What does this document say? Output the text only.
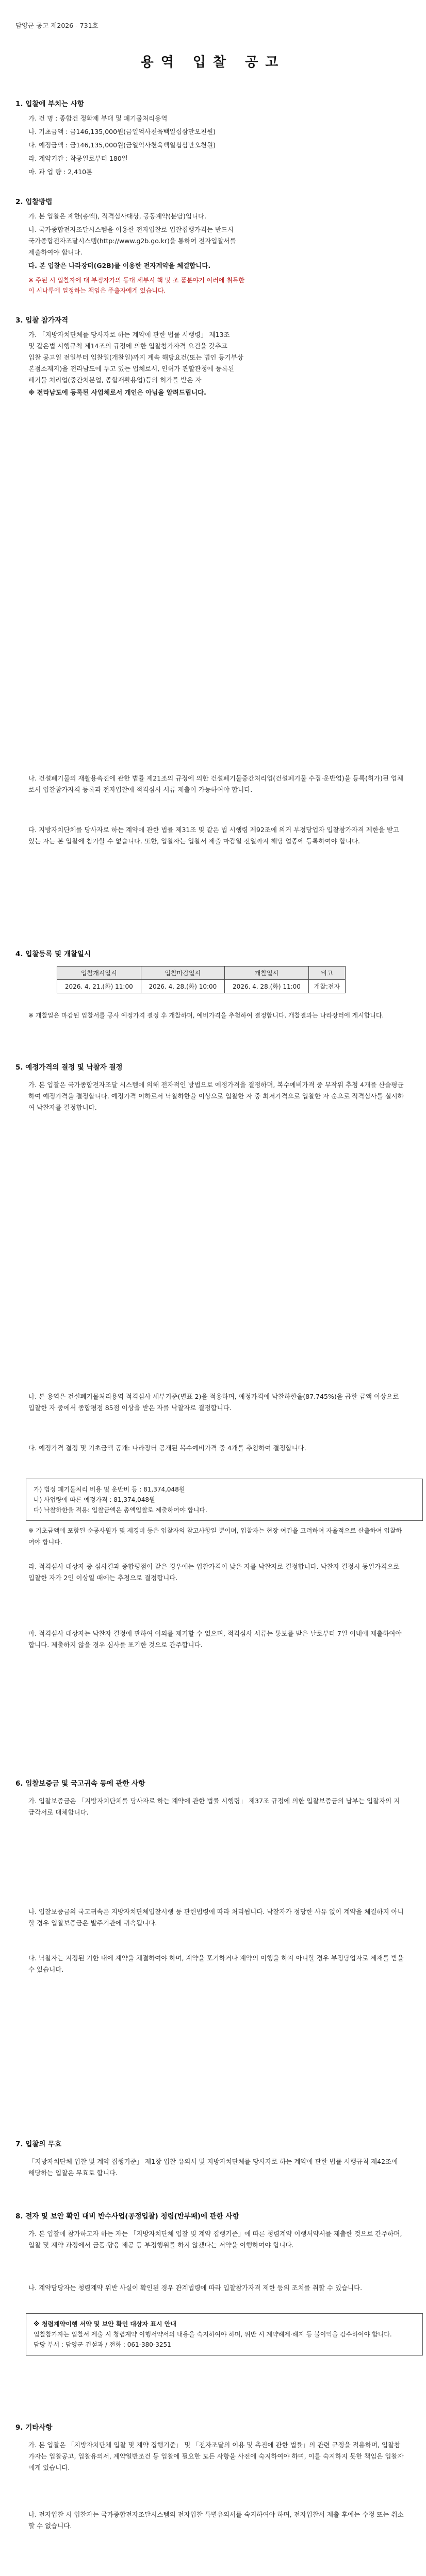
담양군 공고 제2026 - 731호
용역 입찰 공고
1. 입찰에 부치는 사항
가. 건 명 : 종합건 정화제 부대 및 폐기물처리용역
나. 기초금액 : 금146,135,000원(금일억사천육백일십삼만오천원)
다. 예정금액 : 금146,135,000원(금일억사천육백일십삼만오천원)
라. 계약기간 : 착공일로부터 180일
마. 과 업 량 : 2,410톤
2. 입찰방법
가. 본 입찰은 제한(총액), 적격심사대상, 공동계약(분담)입니다.
나. 국가종합전자조달시스템을 이용한 전자입찰로 입찰집행가격는 반드시
국가종합전자조달시스템(http://www.g2b.go.kr)을 통하여 전자입찰서를
제출하여야 합니다.
다. 본 입찰은 나라장터(G2B)를 이용한 전자계약을 체결합니다.
※ 주된 시 입찰자에 대 부정자가의 등대 세부시 책 및 조 품분야기 여러에 취득한
이 시나투에 일정하는 책임은 주출자에게 있습니다.
3. 입찰 참가자격
가. 「지방자치단체를 당사자로 하는 계약에 관한 법률 시행령」 제13조
및 같은법 시행규칙 제14조의 규정에 의한 입찰참가자격 요건을 갖추고
입찰 공고일 전일부터 입찰일(개찰일)까지 계속 해당요건(또는 법인 등기부상
본점소재지)을 전라남도에 두고 있는 업체로서, 인허가 관할관청에 등록된
폐기물 처리업(중간처분업, 종합재활용업)등의 허가를 받은 자
※ 전라남도에 등록된 사업체로서 개인은 아님을 알려드립니다.
나. 건설폐기물의 재활용촉진에 관한 법률 제21조의 규정에 의한 건설폐기물중간처리업(건설폐기물 수집·운반업)을 등록(허가)된 업체로서 입찰참가자격 등록과 전자입찰에 적격심사 서류 제출이 가능하여야 합니다.
다. 지방자치단체를 당사자로 하는 계약에 관한 법률 제31조 및 같은 법 시행령 제92조에 의거 부정당업자 입찰참가자격 제한을 받고 있는 자는 본 입찰에 참가할 수 없습니다. 또한, 입찰자는 입찰서 제출 마감일 전일까지 해당 업종에 등록하여야 합니다.
4. 입찰등록 및 개찰일시
입찰개시일시	입찰마감일시	개찰일시	비고
2026. 4. 21.(화) 11:00	2026. 4. 28.(화) 10:00	2026. 4. 28.(화) 11:00	개찰:전자
※ 개찰일은 마감된 입찰서를 공사 예정가격 결정 후 개찰하며, 예비가격을 추첨하여 결정합니다. 개찰결과는 나라장터에 게시합니다.
5. 예정가격의 결정 및 낙찰자 결정
가. 본 입찰은 국가종합전자조달 시스템에 의해 전자적인 방법으로 예정가격을 결정하며, 복수예비가격 중 무작위 추첨 4개를 산술평균하여 예정가격을 결정합니다. 예정가격 이하로서 낙찰하한율 이상으로 입찰한 자 중 최저가격으로 입찰한 자 순으로 적격심사를 실시하여 낙찰자를 결정합니다.
나. 본 용역은 건설폐기물처리용역 적격심사 세부기준(별표 2)을 적용하며, 예정가격에 낙찰하한율(87.745%)을 곱한 금액 이상으로 입찰한 자 중에서 종합평점 85점 이상을 받은 자를 낙찰자로 결정합니다.
다. 예정가격 결정 및 기초금액 공개: 나라장터 공개된 복수예비가격 중 4개를 추첨하여 결정합니다.
가) 법정 폐기물처리 비용 및 운반비 등 : 81,374,048원
나) 사업량에 따른 예정가격 : 81,374,048원
다) 낙찰하한율 적용: 입찰금액은 총액입찰로 제출하여야 합니다.
※ 기초금액에 포함된 순공사원가 및 제경비 등은 입찰자의 참고사항일 뿐이며, 입찰자는 현장 여건을 고려하여 자율적으로 산출하여 입찰하여야 합니다.
라. 적격심사 대상자 중 심사결과 종합평점이 같은 경우에는 입찰가격이 낮은 자를 낙찰자로 결정합니다. 낙찰자 결정시 동일가격으로 입찰한 자가 2인 이상일 때에는 추첨으로 결정합니다.
마. 적격심사 대상자는 낙찰자 결정에 관하여 이의를 제기할 수 없으며, 적격심사 서류는 통보를 받은 날로부터 7일 이내에 제출하여야 합니다. 제출하지 않을 경우 심사를 포기한 것으로 간주합니다.
6. 입찰보증금 및 국고귀속 등에 관한 사항
가. 입찰보증금은 「지방자치단체를 당사자로 하는 계약에 관한 법률 시행령」 제37조 규정에 의한 입찰보증금의 납부는 입찰자의 지급각서로 대체합니다.
나. 입찰보증금의 국고귀속은 지방자치단체입찰시행 등 관련법령에 따라 처리됩니다. 낙찰자가 정당한 사유 없이 계약을 체결하지 아니할 경우 입찰보증금은 발주기관에 귀속됩니다.
다. 낙찰자는 지정된 기한 내에 계약을 체결하여야 하며, 계약을 포기하거나 계약의 이행을 하지 아니할 경우 부정당업자로 제재를 받을 수 있습니다.
7. 입찰의 무효
「지방자치단체 입찰 및 계약 집행기준」 제1장 입찰 유의서 및 지방자치단체를 당사자로 하는 계약에 관한 법률 시행규칙 제42조에 해당하는 입찰은 무효로 합니다.
8. 전자 및 보안 확인 대비 반수사업(공정입찰) 청렴(반부패)에 관한 사항
가. 본 입찰에 참가하고자 하는 자는 「지방자치단체 입찰 및 계약 집행기준」에 따른 청렴계약 이행서약서를 제출한 것으로 간주하며, 입찰 및 계약 과정에서 금품·향응 제공 등 부정행위를 하지 않겠다는 서약을 이행하여야 합니다.
나. 계약담당자는 청렴계약 위반 사실이 확인된 경우 관계법령에 따라 입찰참가자격 제한 등의 조치를 취할 수 있습니다.
※ 청렴계약이행 서약 및 보안 확인 대상자 표시 안내
입찰참가자는 입찰서 제출 시 청렴계약 이행서약서의 내용을 숙지하여야 하며, 위반 시 계약해제·해지 등 불이익을 감수하여야 합니다.
담당 부서 : 담양군 건설과 / 전화 : 061-380-3251
9. 기타사항
가. 본 입찰은 「지방자치단체 입찰 및 계약 집행기준」 및 「전자조달의 이용 및 촉진에 관한 법률」의 관련 규정을 적용하며, 입찰참가자는 입찰공고, 입찰유의서, 계약일반조건 등 입찰에 필요한 모든 사항을 사전에 숙지하여야 하며, 이를 숙지하지 못한 책임은 입찰자에게 있습니다.
나. 전자입찰 시 입찰자는 국가종합전자조달시스템의 전자입찰 특별유의서를 숙지하여야 하며, 전자입찰서 제출 후에는 수정 또는 취소할 수 없습니다.
